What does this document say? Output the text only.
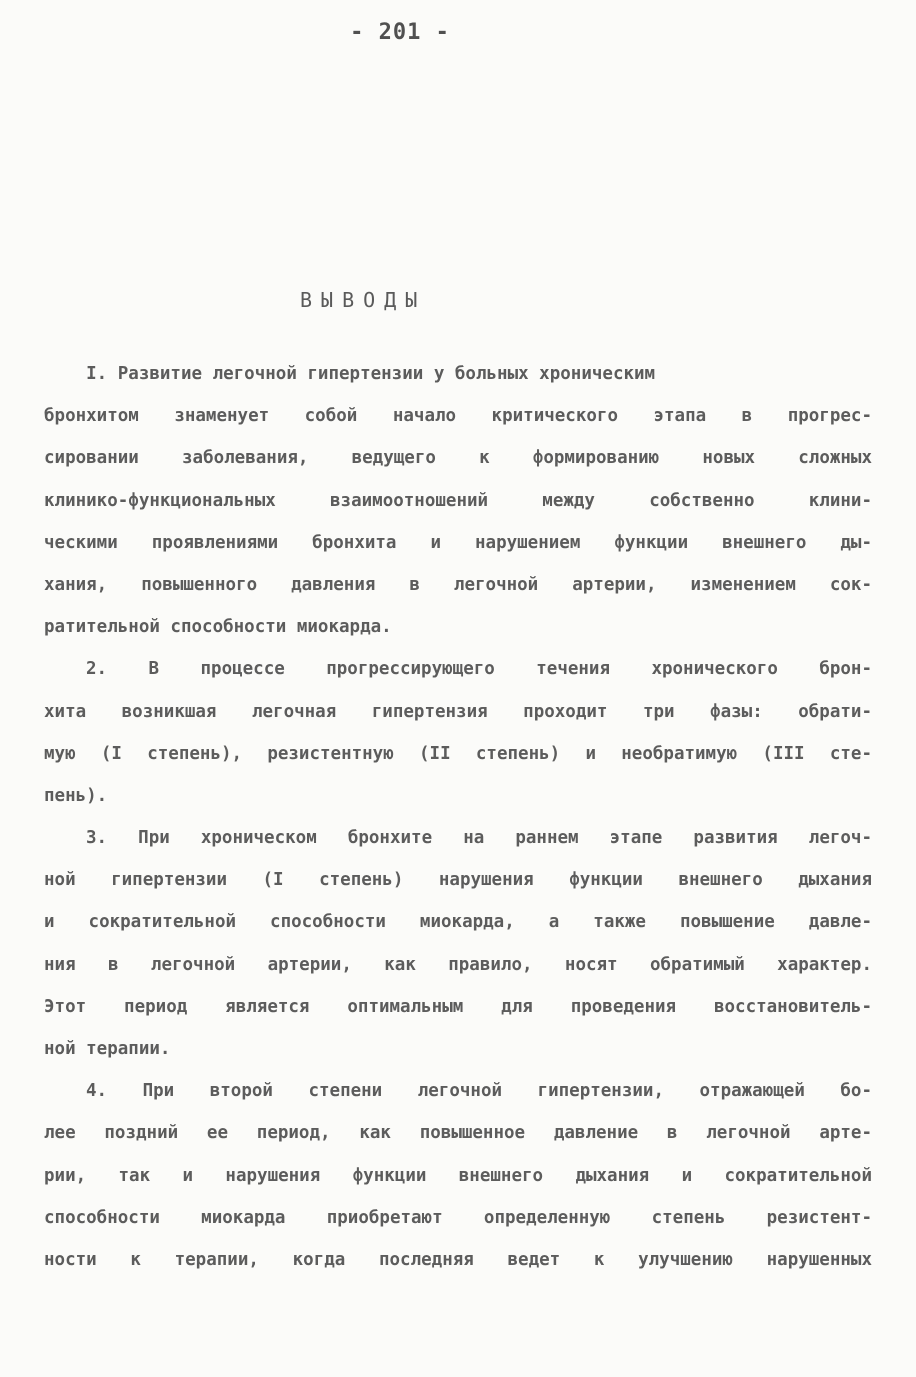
- 201 -
ВЫВОДЫ
I. Развитие легочной гипертензии у больных хроническим
бронхитом знаменует собой начало критического этапа в прогрес-
сировании заболевания, ведущего к формированию новых сложных
клинико-функциональных взаимоотношений между собственно клини-
ческими проявлениями бронхита и нарушением функции внешнего ды-
хания, повышенного давления в легочной артерии, изменением сок-
ратительной способности миокарда.
2. В процессе прогрессирующего течения хронического брон-
хита возникшая легочная гипертензия проходит три фазы: обрати-
мую (I степень), резистентную (II степень) и необратимую (III сте-
пень).
3. При хроническом бронхите на раннем этапе развития легоч-
ной гипертензии (I степень) нарушения функции внешнего дыхания
и сократительной способности миокарда, а также повышение давле-
ния в легочной артерии, как правило, носят обратимый характер.
Этот период является оптимальным для проведения восстановитель-
ной терапии.
4. При второй степени легочной гипертензии, отражающей бо-
лее поздний ее период, как повышенное давление в легочной арте-
рии, так и нарушения функции внешнего дыхания и сократительной
способности миокарда приобретают определенную степень резистент-
ности к терапии, когда последняя ведет к улучшению нарушенных
